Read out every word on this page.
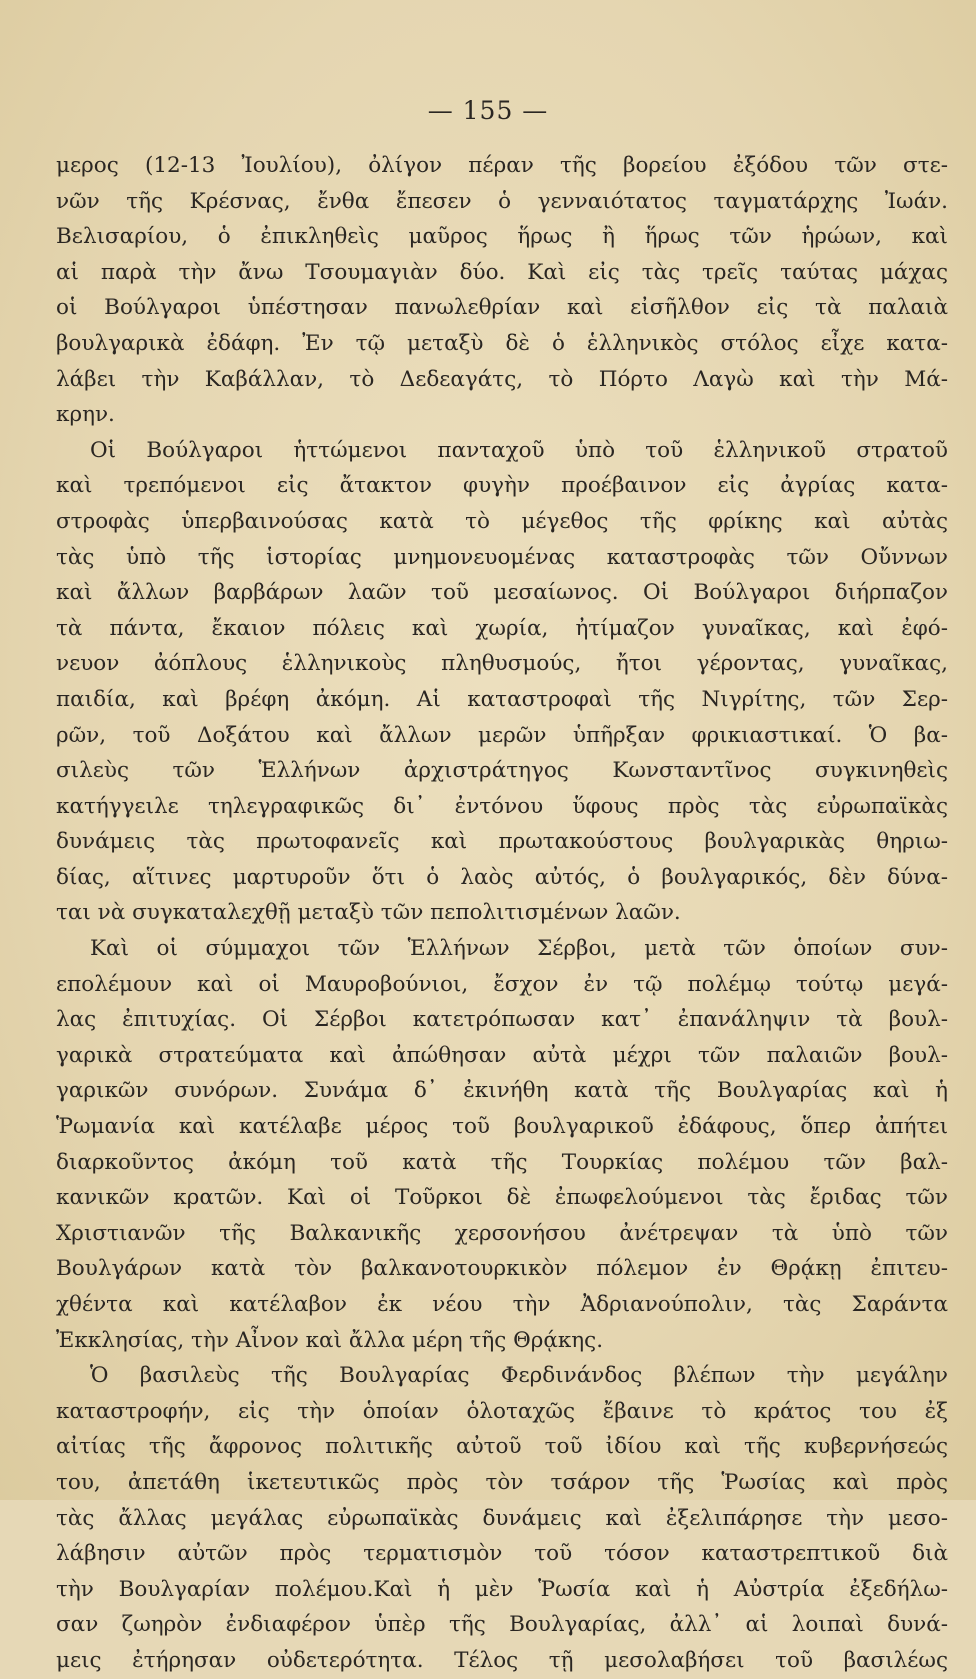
— 155 —
μερος (12-13 Ἰουλίου), ὀλίγον πέραν τῆς βορείου ἐξόδου τῶν στε-
νῶν τῆς Κρέσνας, ἔνθα ἔπεσεν ὁ γενναιότατος ταγματάρχης Ἰωάν.
Βελισαρίου, ὁ ἐπικληθεὶς μαῦρος ἥρως ἢ ἥρως τῶν ἡρώων, καὶ
αἱ παρὰ τὴν ἄνω Τσουμαγιὰν δύο. Καὶ εἰς τὰς τρεῖς ταύτας μάχας
οἱ Βούλγαροι ὑπέστησαν πανωλεθρίαν καὶ εἰσῆλθον εἰς τὰ παλαιὰ
βουλγαρικὰ ἐδάφη. Ἐν τῷ μεταξὺ δὲ ὁ ἑλληνικὸς στόλος εἶχε κατα-
λάβει τὴν Καβάλλαν, τὸ Δεδεαγάτς, τὸ Πόρτο Λαγὼ καὶ τὴν Μά-
κρην.
Οἱ Βούλγαροι ἡττώμενοι πανταχοῦ ὑπὸ τοῦ ἑλληνικοῦ στρατοῦ
καὶ τρεπόμενοι εἰς ἄτακτον φυγὴν προέβαινον εἰς ἀγρίας κατα-
στροφὰς ὑπερβαινούσας κατὰ τὸ μέγεθος τῆς φρίκης καὶ αὐτὰς
τὰς ὑπὸ τῆς ἱστορίας μνημονευομένας καταστροφὰς τῶν Οὔννων
καὶ ἄλλων βαρβάρων λαῶν τοῦ μεσαίωνος. Οἱ Βούλγαροι διήρπαζον
τὰ πάντα, ἔκαιον πόλεις καὶ χωρία, ἠτίμαζον γυναῖκας, καὶ ἐφό-
νευον ἀόπλους ἑλληνικοὺς πληθυσμούς, ἤτοι γέροντας, γυναῖκας,
παιδία, καὶ βρέφη ἀκόμη. Αἱ καταστροφαὶ τῆς Νιγρίτης, τῶν Σερ-
ρῶν, τοῦ Δοξάτου καὶ ἄλλων μερῶν ὑπῆρξαν φρικιαστικαί. Ὁ βα-
σιλεὺς τῶν Ἑλλήνων ἀρχιστράτηγος Κωνσταντῖνος συγκινηθεὶς
κατήγγειλε τηλεγραφικῶς δι᾽ ἐντόνου ὕφους πρὸς τὰς εὐρωπαϊκὰς
δυνάμεις τὰς πρωτοφανεῖς καὶ πρωτακούστους βουλγαρικὰς θηριω-
δίας, αἵτινες μαρτυροῦν ὅτι ὁ λαὸς αὐτός, ὁ βουλγαρικός, δὲν δύνα-
ται νὰ συγκαταλεχθῇ μεταξὺ τῶν πεπολιτισμένων λαῶν.
Καὶ οἱ σύμμαχοι τῶν Ἑλλήνων Σέρβοι, μετὰ τῶν ὁποίων συν-
επολέμουν καὶ οἱ Μαυροβούνιοι, ἔσχον ἐν τῷ πολέμῳ τούτῳ μεγά-
λας ἐπιτυχίας. Οἱ Σέρβοι κατετρόπωσαν κατ᾽ ἐπανάληψιν τὰ βουλ-
γαρικὰ στρατεύματα καὶ ἀπώθησαν αὐτὰ μέχρι τῶν παλαιῶν βουλ-
γαρικῶν συνόρων. Συνάμα δ᾽ ἐκινήθη κατὰ τῆς Βουλγαρίας καὶ ἡ
Ῥωμανία καὶ κατέλαβε μέρος τοῦ βουλγαρικοῦ ἐδάφους, ὅπερ ἀπήτει
διαρκοῦντος ἀκόμη τοῦ κατὰ τῆς Τουρκίας πολέμου τῶν βαλ-
κανικῶν κρατῶν. Καὶ οἱ Τοῦρκοι δὲ ἐπωφελούμενοι τὰς ἔριδας τῶν
Χριστιανῶν τῆς Βαλκανικῆς χερσονήσου ἀνέτρεψαν τὰ ὑπὸ τῶν
Βουλγάρων κατὰ τὸν βαλκανοτουρκικὸν πόλεμον ἐν Θρᾴκῃ ἐπιτευ-
χθέντα καὶ κατέλαβον ἐκ νέου τὴν Ἀδριανούπολιν, τὰς Σαράντα
Ἐκκλησίας, τὴν Αἶνον καὶ ἄλλα μέρη τῆς Θρᾴκης.
Ὁ βασιλεὺς τῆς Βουλγαρίας Φερδινάνδος βλέπων τὴν μεγάλην
καταστροφήν, εἰς τὴν ὁποίαν ὁλοταχῶς ἔβαινε τὸ κράτος του ἐξ
αἰτίας τῆς ἄφρονος πολιτικῆς αὐτοῦ τοῦ ἰδίου καὶ τῆς κυβερνήσεώς
του, ἀπετάθη ἱκετευτικῶς πρὸς τὸν τσάρον τῆς Ῥωσίας καὶ πρὸς
τὰς ἄλλας μεγάλας εὐρωπαϊκὰς δυνάμεις καὶ ἐξελιπάρησε τὴν μεσο-
λάβησιν αὐτῶν πρὸς τερματισμὸν τοῦ τόσον καταστρεπτικοῦ διὰ
τὴν Βουλγαρίαν πολέμου.Καὶ ἡ μὲν Ῥωσία καὶ ἡ Αὐστρία ἐξεδήλω-
σαν ζωηρὸν ἐνδιαφέρον ὑπὲρ τῆς Βουλγαρίας, ἀλλ᾽ αἱ λοιπαὶ δυνά-
μεις ἐτήρησαν οὐδετερότητα. Τέλος τῇ μεσολαβήσει τοῦ βασιλέως
